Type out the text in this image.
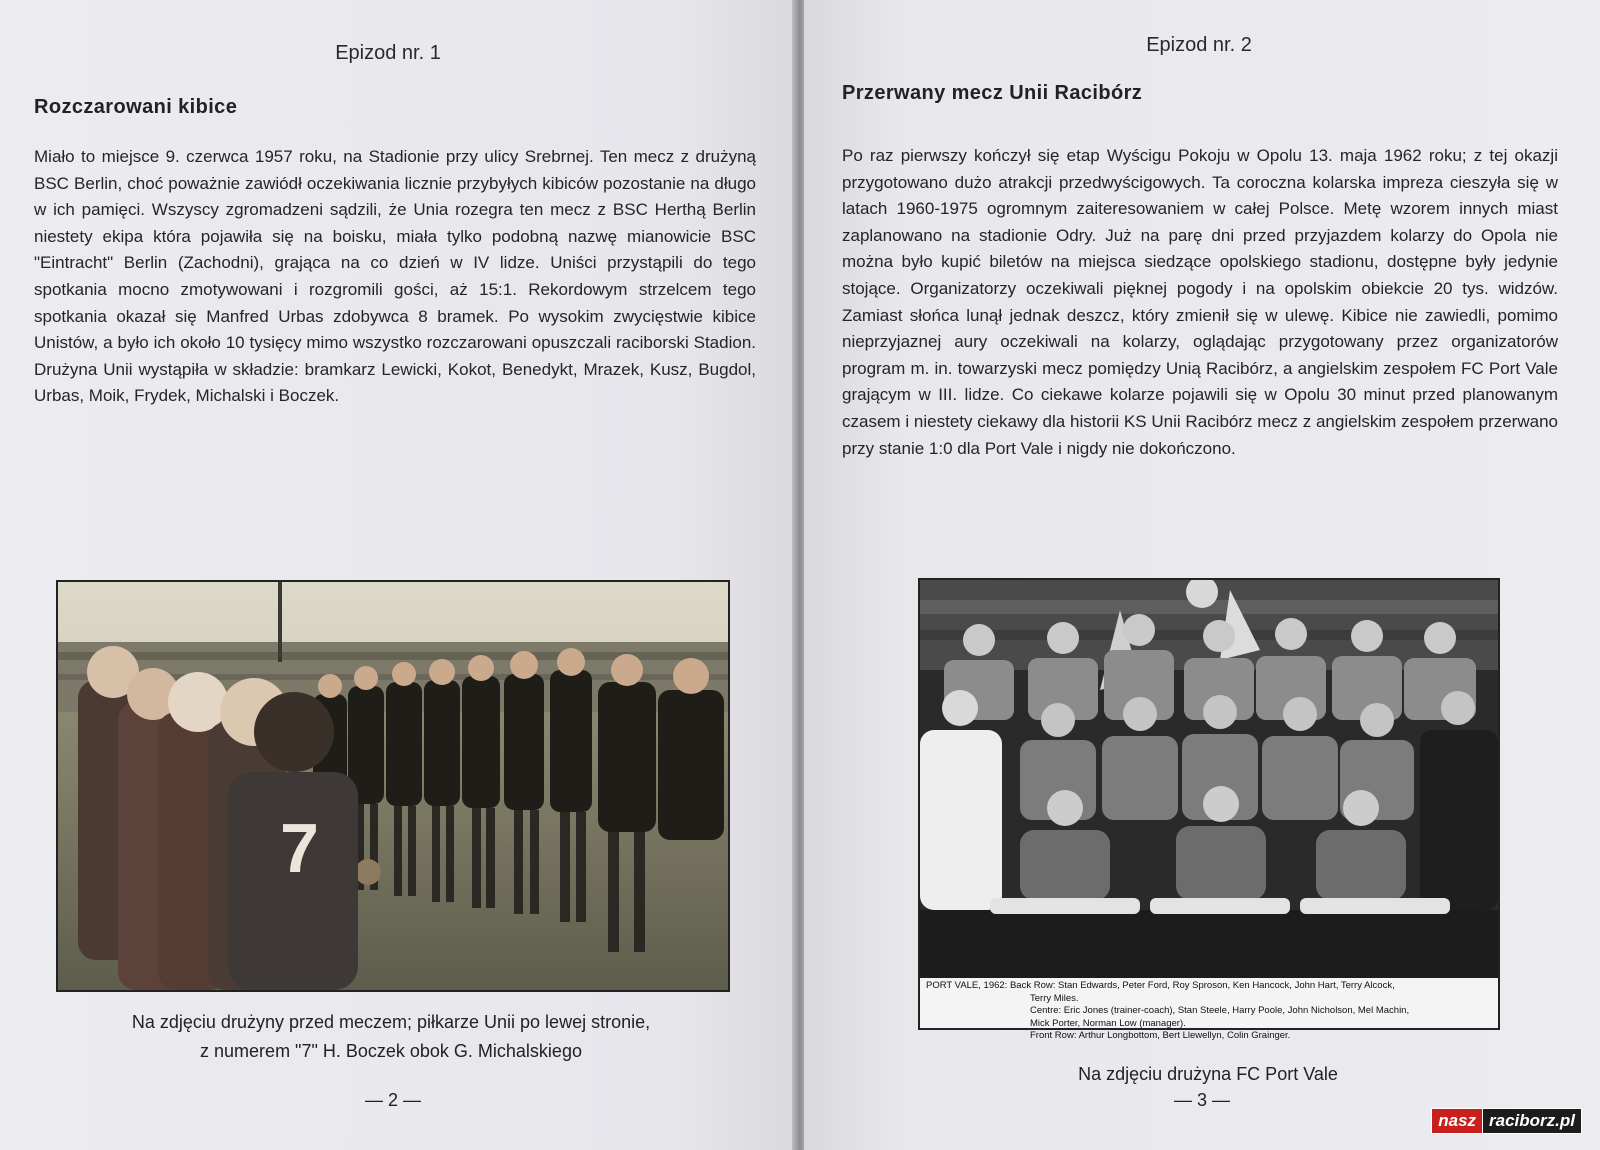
Epizod nr. 1
Rozczarowani kibice

Miało to miejsce 9. czerwca 1957 roku, na Stadionie przy ulicy Srebrnej. Ten mecz z drużyną BSC Berlin, choć poważnie zawiódł oczekiwania licznie przybyłych kibiców pozostanie na długo w ich pamięci. Wszyscy zgromadzeni sądzili, że Unia rozegra ten mecz z BSC Herthą Berlin niestety ekipa która pojawiła się na boisku, miała tylko podobną nazwę mianowicie BSC "Eintracht" Berlin (Zachodni), grająca na co dzień w IV lidze. Uniści przystąpili do tego spotkania mocno zmotywowani i rozgromili gości, aż 15:1. Rekordowym strzelcem tego spotkania okazał się Manfred Urbas zdobywca 8 bramek. Po wysokim zwycięstwie kibice Unistów, a było ich około 10 tysięcy mimo wszystko rozczarowani opuszczali raciborski Stadion. Drużyna Unii wystąpiła w składzie: bramkarz Lewicki, Kokot, Benedykt, Mrazek, Kusz, Bugdol, Urbas, Moik, Frydek, Michalski i Boczek.

7
Na zdjęciu drużyny przed meczem; piłkarze Unii po lewej stronie,
z numerem "7" H. Boczek obok G. Michalskiego
— 2 —
Epizod nr. 2
Przerwany mecz Unii Racibórz

Po raz pierwszy kończył się etap Wyścigu Pokoju w Opolu 13. maja 1962 roku; z tej okazji przygotowano dużo atrakcji przedwyścigowych. Ta coroczna kolarska impreza cieszyła się w latach 1960-1975 ogromnym zaiteresowaniem w całej Polsce. Metę wzorem innych miast zaplanowano na stadionie Odry. Już na parę dni przed przyjazdem kolarzy do Opola nie można było kupić biletów na miejsca siedzące opolskiego stadionu, dostępne były jedynie stojące. Organizatorzy oczekiwali pięknej pogody i na opolskim obiekcie 20 tys. widzów. Zamiast słońca lunął jednak deszcz, który zmienił się w ulewę. Kibice nie zawiedli, pomimo nieprzyjaznej aury oczekiwali na kolarzy, oglądając przygotowany przez organizatorów program m. in. towarzyski mecz pomiędzy Unią Racibórz, a angielskim zespołem FC Port Vale grającym w III. lidze. Co ciekawe kolarze pojawili się w Opolu 30 minut przed planowanym czasem i niestety ciekawy dla historii KS Unii Racibórz mecz z angielskim zespołem przerwano przy stanie 1:0 dla Port Vale i nigdy nie dokończono.

PORT VALE, 1962: Back Row: Stan Edwards, Peter Ford, Roy Sproson, Ken Hancock, John Hart, Terry Alcock,
Terry Miles.
Centre: Eric Jones (trainer-coach), Stan Steele, Harry Poole, John Nicholson, Mel Machin,
Mick Porter, Norman Low (manager).
Front Row: Arthur Longbottom, Bert Llewellyn, Colin Grainger.
Na zdjęciu drużyna FC Port Vale
— 3 —
nasz raciborz.pl
